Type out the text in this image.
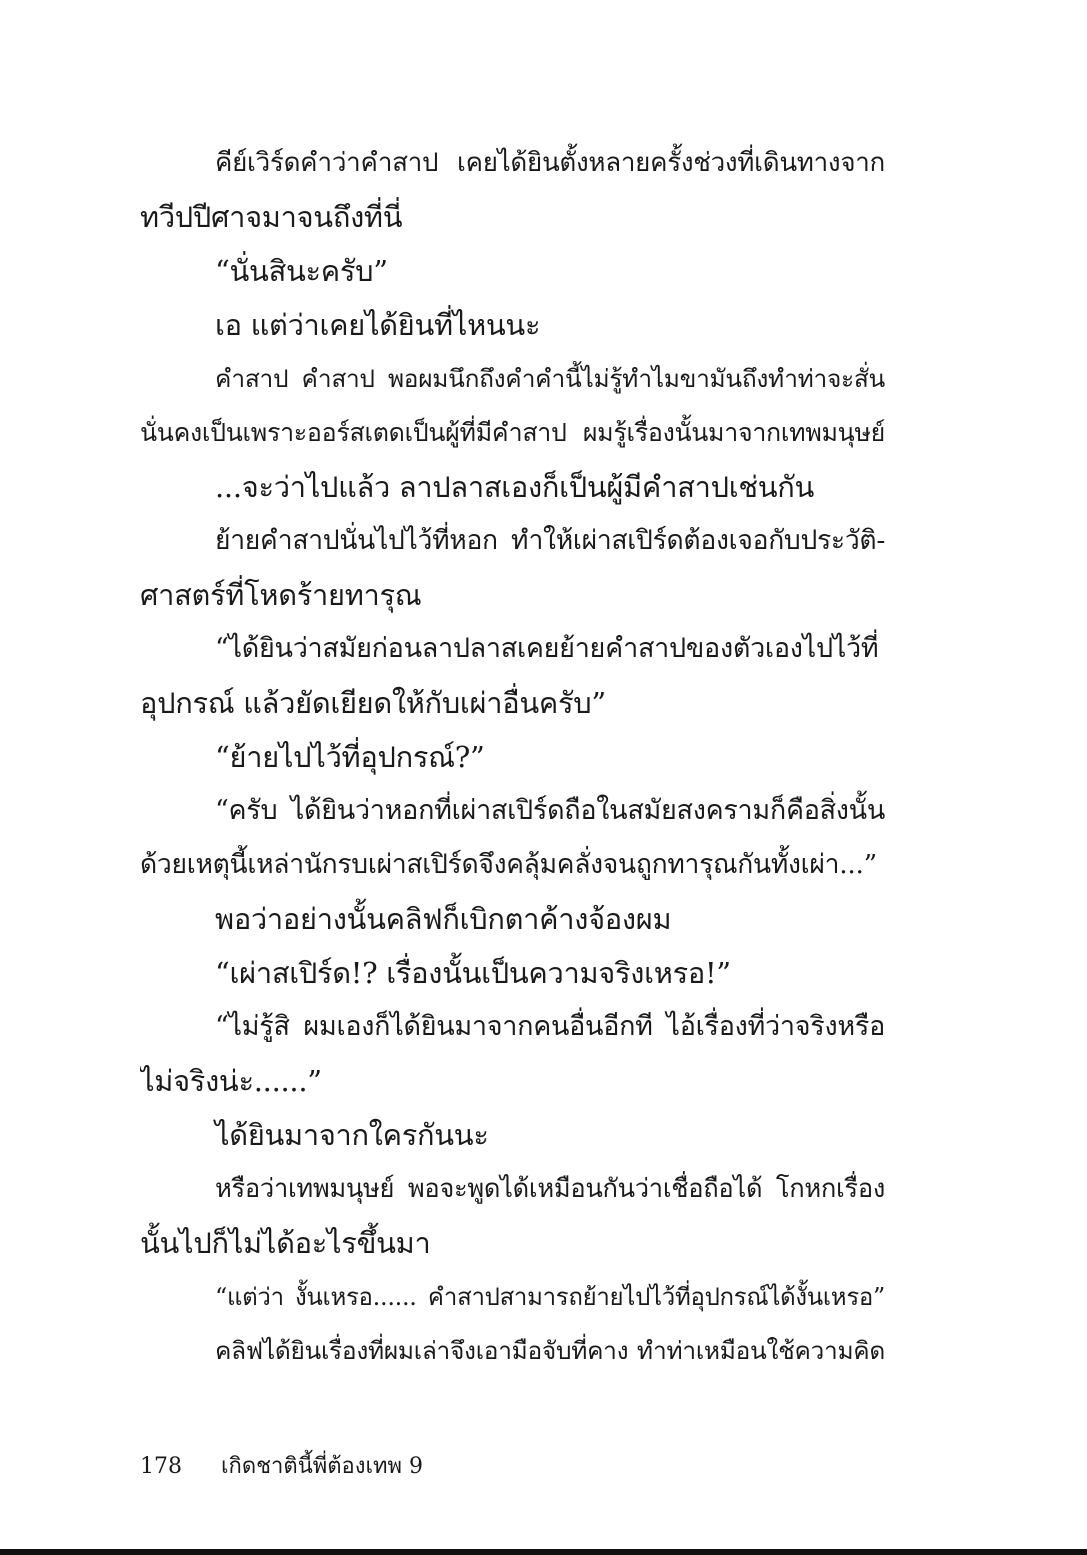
คีย์เวิร์ดคำว่าคำสาป เคยได้ยินตั้งหลายครั้งช่วงที่เดินทางจาก
ทวีปปีศาจมาจนถึงที่นี่
“นั่นสินะครับ”
เอ แต่ว่าเคยได้ยินที่ไหนนะ
คำสาป คำสาป พอผมนึกถึงคำคำนี้ไม่รู้ทำไมขามันถึงทำท่าจะสั่น
นั่นคงเป็นเพราะออร์สเตดเป็นผู้ที่มีคำสาป ผมรู้เรื่องนั้นมาจากเทพมนุษย์
...จะว่าไปแล้ว ลาปลาสเองก็เป็นผู้มีคำสาปเช่นกัน
ย้ายคำสาปนั่นไปไว้ที่หอก ทำให้เผ่าสเปิร์ดต้องเจอกับประวัติ-
ศาสตร์ที่โหดร้ายทารุณ
“ได้ยินว่าสมัยก่อนลาปลาสเคยย้ายคำสาปของตัวเองไปไว้ที่
อุปกรณ์ แล้วยัดเยียดให้กับเผ่าอื่นครับ”
“ย้ายไปไว้ที่อุปกรณ์?”
“ครับ ได้ยินว่าหอกที่เผ่าสเปิร์ดถือในสมัยสงครามก็คือสิ่งนั้น
ด้วยเหตุนี้เหล่านักรบเผ่าสเปิร์ดจึงคลุ้มคลั่งจนถูกทารุณกันทั้งเผ่า...”
พอว่าอย่างนั้นคลิฟก็เบิกตาค้างจ้องผม
“เผ่าสเปิร์ด!? เรื่องนั้นเป็นความจริงเหรอ!”
“ไม่รู้สิ ผมเองก็ได้ยินมาจากคนอื่นอีกที ไอ้เรื่องที่ว่าจริงหรือ
ไม่จริงน่ะ......”
ได้ยินมาจากใครกันนะ
หรือว่าเทพมนุษย์ พอจะพูดได้เหมือนกันว่าเชื่อถือได้ โกหกเรื่อง
นั้นไปก็ไม่ได้อะไรขึ้นมา
“แต่ว่า งั้นเหรอ...... คำสาปสามารถย้ายไปไว้ที่อุปกรณ์ได้งั้นเหรอ”
คลิฟได้ยินเรื่องที่ผมเล่าจึงเอามือจับที่คาง ทำท่าเหมือนใช้ความคิด
178 เกิดชาตินี้พี่ต้องเทพ 9
